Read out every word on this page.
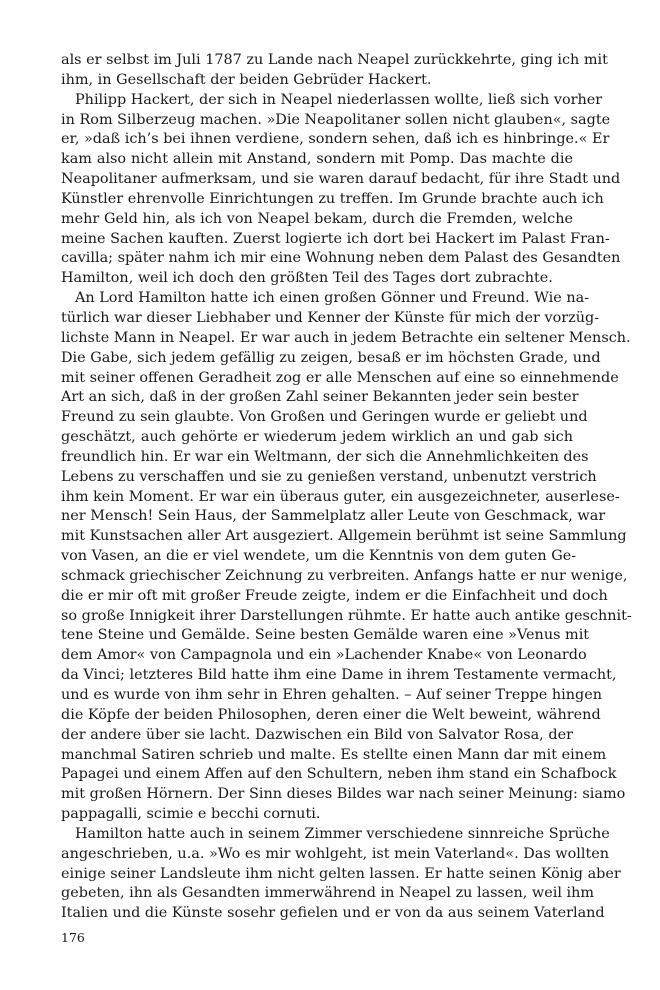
als er selbst im Juli 1787 zu Lande nach Neapel zurückkehrte, ging ich mit
ihm, in Gesellschaft der beiden Gebrüder Hackert.
Philipp Hackert, der sich in Neapel niederlassen wollte, ließ sich vorher
in Rom Silberzeug machen. »Die Neapolitaner sollen nicht glauben«, sagte
er, »daß ich’s bei ihnen verdiene, sondern sehen, daß ich es hinbringe.« Er
kam also nicht allein mit Anstand, sondern mit Pomp. Das machte die
Neapolitaner aufmerksam, und sie waren darauf bedacht, für ihre Stadt und
Künstler ehrenvolle Einrichtungen zu treffen. Im Grunde brachte auch ich
mehr Geld hin, als ich von Neapel bekam, durch die Fremden, welche
meine Sachen kauften. Zuerst logierte ich dort bei Hackert im Palast Fran-
cavilla; später nahm ich mir eine Wohnung neben dem Palast des Gesandten
Hamilton, weil ich doch den größten Teil des Tages dort zubrachte.
An Lord Hamilton hatte ich einen großen Gönner und Freund. Wie na-
türlich war dieser Liebhaber und Kenner der Künste für mich der vorzüg-
lichste Mann in Neapel. Er war auch in jedem Betrachte ein seltener Mensch.
Die Gabe, sich jedem gefällig zu zeigen, besaß er im höchsten Grade, und
mit seiner offenen Geradheit zog er alle Menschen auf eine so einnehmende
Art an sich, daß in der großen Zahl seiner Bekannten jeder sein bester
Freund zu sein glaubte. Von Großen und Geringen wurde er geliebt und
geschätzt, auch gehörte er wiederum jedem wirklich an und gab sich
freundlich hin. Er war ein Weltmann, der sich die Annehmlichkeiten des
Lebens zu verschaffen und sie zu genießen verstand, unbenutzt verstrich
ihm kein Moment. Er war ein überaus guter, ein ausgezeichneter, auserlese-
ner Mensch! Sein Haus, der Sammelplatz aller Leute von Geschmack, war
mit Kunstsachen aller Art ausgeziert. Allgemein berühmt ist seine Sammlung
von Vasen, an die er viel wendete, um die Kenntnis von dem guten Ge-
schmack griechischer Zeichnung zu verbreiten. Anfangs hatte er nur wenige,
die er mir oft mit großer Freude zeigte, indem er die Einfachheit und doch
so große Innigkeit ihrer Darstellungen rühmte. Er hatte auch antike geschnit-
tene Steine und Gemälde. Seine besten Gemälde waren eine »Venus mit
dem Amor« von Campagnola und ein »Lachender Knabe« von Leonardo
da Vinci; letzteres Bild hatte ihm eine Dame in ihrem Testamente vermacht,
und es wurde von ihm sehr in Ehren gehalten. – Auf seiner Treppe hingen
die Köpfe der beiden Philosophen, deren einer die Welt beweint, während
der andere über sie lacht. Dazwischen ein Bild von Salvator Rosa, der
manchmal Satiren schrieb und malte. Es stellte einen Mann dar mit einem
Papagei und einem Affen auf den Schultern, neben ihm stand ein Schafbock
mit großen Hörnern. Der Sinn dieses Bildes war nach seiner Meinung: siamo
pappagalli, scimie e becchi cornuti.
Hamilton hatte auch in seinem Zimmer verschiedene sinnreiche Sprüche
angeschrieben, u.a. »Wo es mir wohlgeht, ist mein Vaterland«. Das wollten
einige seiner Landsleute ihm nicht gelten lassen. Er hatte seinen König aber
gebeten, ihn als Gesandten immerwährend in Neapel zu lassen, weil ihm
Italien und die Künste sosehr gefielen und er von da aus seinem Vaterland
176
